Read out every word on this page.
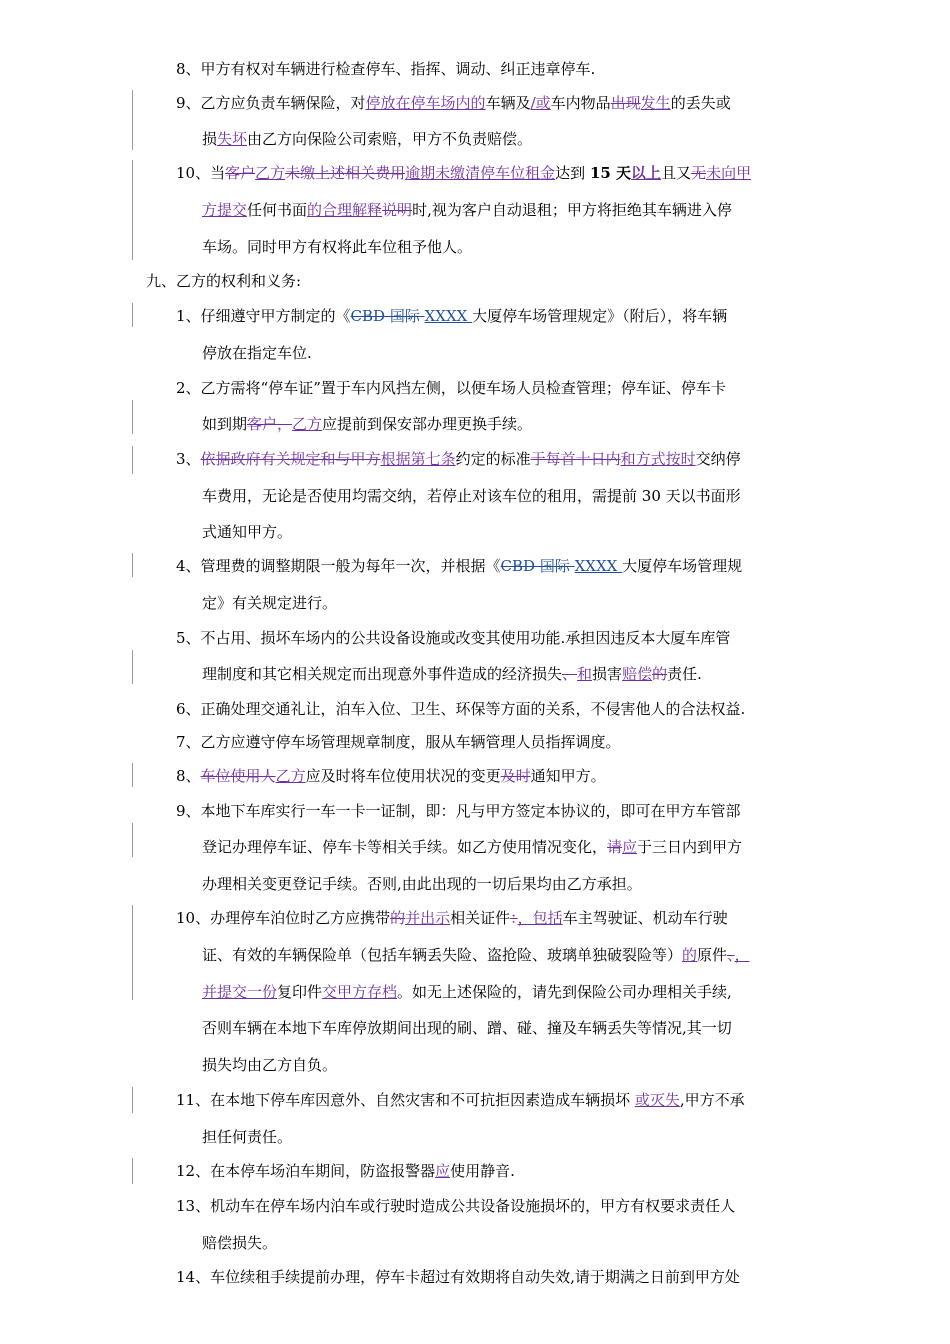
8、甲方有权对车辆进行检查停车、指挥、调动、纠正违章停车.
9、乙方应负责车辆保险，对停放在停车场内的车辆及/或车内物品出现发生的丢失或
损失坏由乙方向保险公司索赔，甲方不负责赔偿。
10、当客户乙方未缴上述相关费用逾期未缴清停车位租金达到 15 天以上且又无未向甲
方提交任何书面的合理解释说明时,视为客户自动退租；甲方将拒绝其车辆进入停
车场。同时甲方有权将此车位租予他人。
九、乙方的权利和义务:
1、仔细遵守甲方制定的《CBD 国际 XXXX 大厦停车场管理规定》（附后），将车辆
停放在指定车位.
2、乙方需将“停车证”置于车内风挡左侧，以便车场人员检查管理；停车证、停车卡
如到期客户，乙方应提前到保安部办理更换手续。
3、依据政府有关规定和与甲方根据第七条约定的标准于每首十日内和方式按时交纳停
车费用，无论是否使用均需交纳，若停止对该车位的租用，需提前 30 天以书面形
式通知甲方。
4、管理费的调整期限一般为每年一次，并根据《CBD 国际 XXXX 大厦停车场管理规
定》有关规定进行。
5、不占用、损坏车场内的公共设备设施或改变其使用功能.承担因违反本大厦车库管
理制度和其它相关规定而出现意外事件造成的经济损失、和损害赔偿的责任.
6、正确处理交通礼让，泊车入位、卫生、环保等方面的关系，不侵害他人的合法权益.
7、乙方应遵守停车场管理规章制度，服从车辆管理人员指挥调度。
8、车位使用人乙方应及时将车位使用状况的变更及时通知甲方。
9、本地下车库实行一车一卡一证制，即：凡与甲方签定本协议的，即可在甲方车管部
登记办理停车证、停车卡等相关手续。如乙方使用情况变化，请应于三日内到甲方
办理相关变更登记手续。否则,由此出现的一切后果均由乙方承担。
10、办理停车泊位时乙方应携带的并出示相关证件：，包括车主驾驶证、机动车行驶
证、有效的车辆保险单（包括车辆丢失险、盗抢险、玻璃单独破裂险等）的原件、，
并提交一份复印件交甲方存档。如无上述保险的，请先到保险公司办理相关手续,
否则车辆在本地下车库停放期间出现的刷、蹭、碰、撞及车辆丢失等情况,其一切
损失均由乙方自负。
11、在本地下停车库因意外、自然灾害和不可抗拒因素造成车辆损坏 或灭失,甲方不承
担任何责任。
12、在本停车场泊车期间，防盗报警器应使用静音.
13、机动车在停车场内泊车或行驶时造成公共设备设施损坏的，甲方有权要求责任人
赔偿损失。
14、车位续租手续提前办理，停车卡超过有效期将自动失效,请于期满之日前到甲方处
